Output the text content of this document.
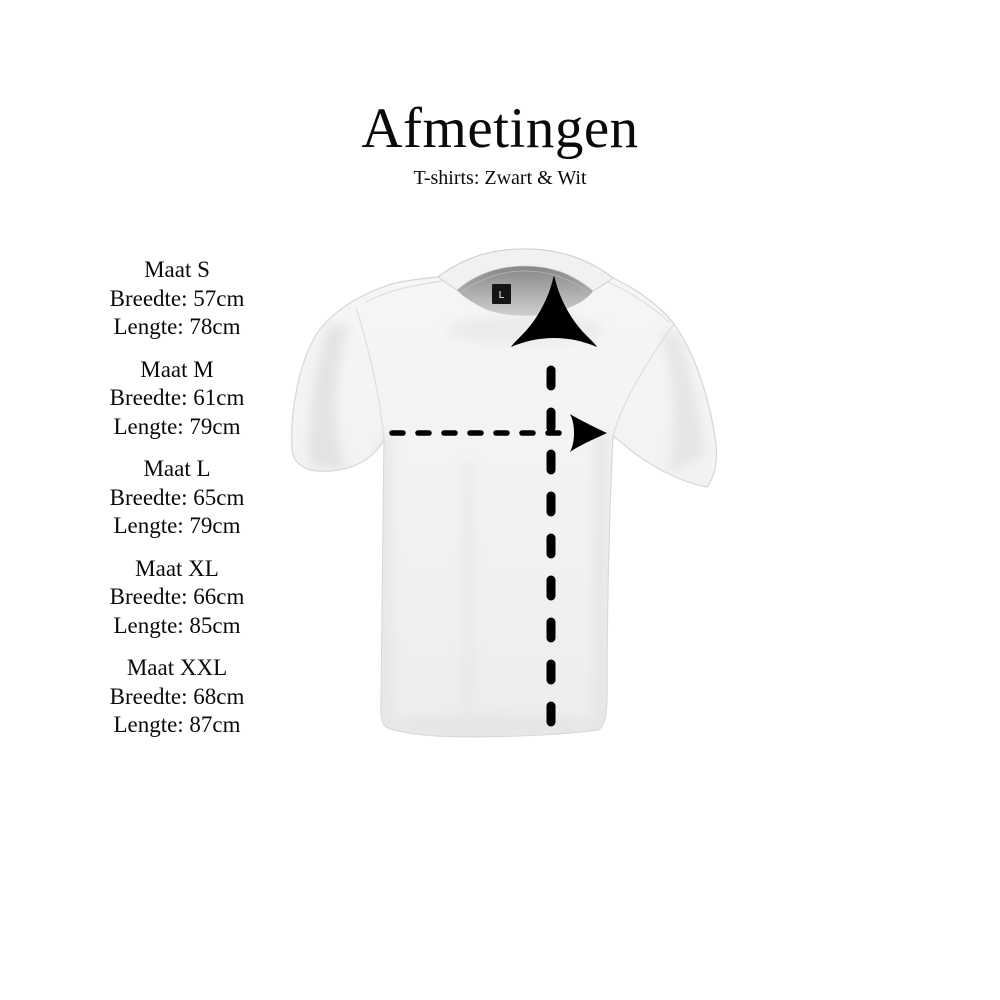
Afmetingen
T-shirts: Zwart & Wit
Maat S
Breedte: 57cm
Lengte: 78cm
Maat M
Breedte: 61cm
Lengte: 79cm
Maat L
Breedte: 65cm
Lengte: 79cm
Maat XL
Breedte: 66cm
Lengte: 85cm
Maat XXL
Breedte: 68cm
Lengte: 87cm
L
